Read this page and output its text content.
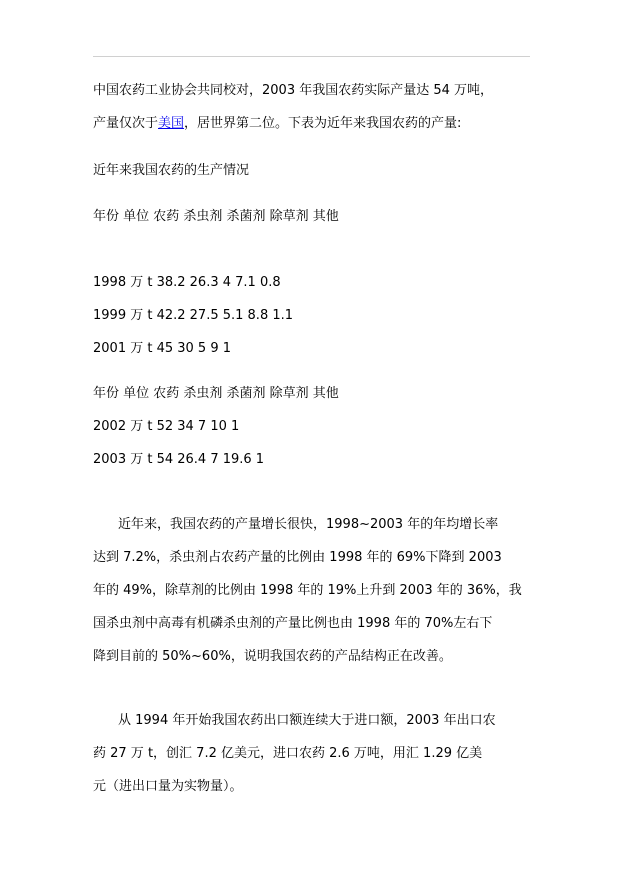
中国农药工业协会共同校对，2003 年我国农药实际产量达 54 万吨，
产量仅次于美国，居世界第二位。下表为近年来我国农药的产量:
近年来我国农药的生产情况
年份 单位 农药 杀虫剂 杀菌剂 除草剂 其他
1998 万 t 38.2 26.3 4 7.1 0.8
1999 万 t 42.2 27.5 5.1 8.8 1.1
2001 万 t 45 30 5 9 1
年份 单位 农药 杀虫剂 杀菌剂 除草剂 其他
2002 万 t 52 34 7 10 1
2003 万 t 54 26.4 7 19.6 1
近年来，我国农药的产量增长很快，1998~2003 年的年均增长率
达到 7.2%，杀虫剂占农药产量的比例由 1998 年的 69%下降到 2003
年的 49%，除草剂的比例由 1998 年的 19%上升到 2003 年的 36%，我
国杀虫剂中高毒有机磷杀虫剂的产量比例也由 1998 年的 70%左右下
降到目前的 50%~60%，说明我国农药的产品结构正在改善。
从 1994 年开始我国农药出口额连续大于进口额，2003 年出口农
药 27 万 t，创汇 7.2 亿美元，进口农药 2.6 万吨，用汇 1.29 亿美
元（进出口量为实物量）。
